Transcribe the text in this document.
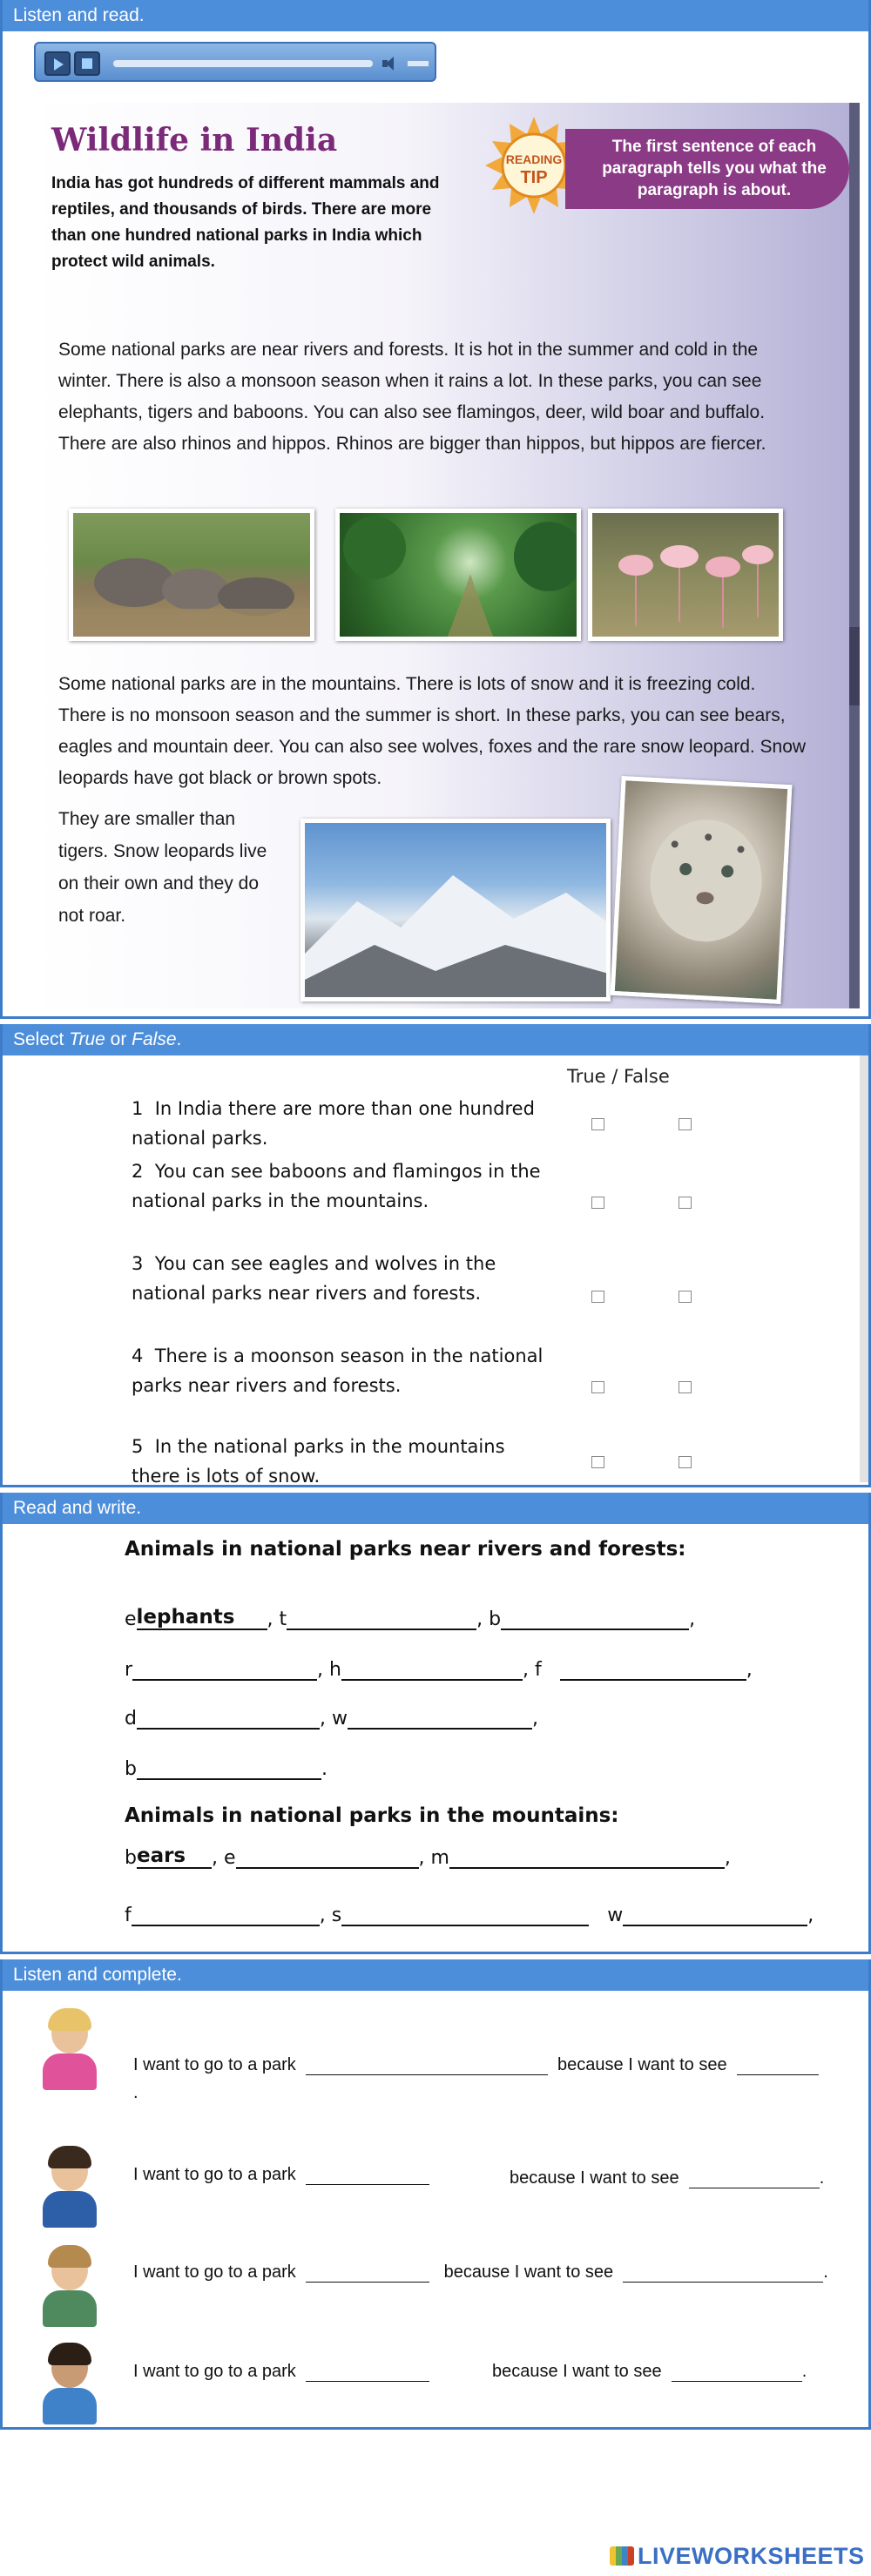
Listen and read.
Wildlife in India
India has got hundreds of different mammals and reptiles, and thousands of birds. There are more than one hundred national parks in India which protect wild animals.
READING
TIP
The first sentence of each paragraph tells you what the paragraph is about.
Some national parks are near rivers and forests. It is hot in the summer and cold in the winter. There is also a monsoon season when it rains a lot. In these parks, you can see elephants, tigers and baboons. You can also see flamingos, deer, wild boar and buffalo. There are also rhinos and hippos. Rhinos are bigger than hippos, but hippos are fiercer.
Some national parks are in the mountains. There is lots of snow and it is freezing cold. There is no monsoon season and the summer is short. In these parks, you can see bears, eagles and mountain deer. You can also see wolves, foxes and the rare snow leopard. Snow leopards have got black or brown spots.
They are smaller than tigers. Snow leopards live on their own and they do not roar.
Select True or False.
True / False
1 In India there are more than one hundred national parks.
2 You can see baboons and flamingos in the national parks in the mountains.
3 You can see eagles and wolves in the national parks near rivers and forests.
4 There is a moonson season in the national parks near rivers and forests.
5 In the national parks in the mountains there is lots of snow.
Read and write.
Animals in national parks near rivers and forests:
elephants , t	, b	,
r	, h	, f	,
d	, w	,
b	.
Animals in national parks in the mountains:
bears , e	, m	,
f	, s	w	,
Listen and complete.
I want to go to a park	because I want to see
.
I want to go to a park	because I want to see	.
I want to go to a park	because I want to see	.
I want to go to a park	because I want to see	.
LIVEWORKSHEETS
